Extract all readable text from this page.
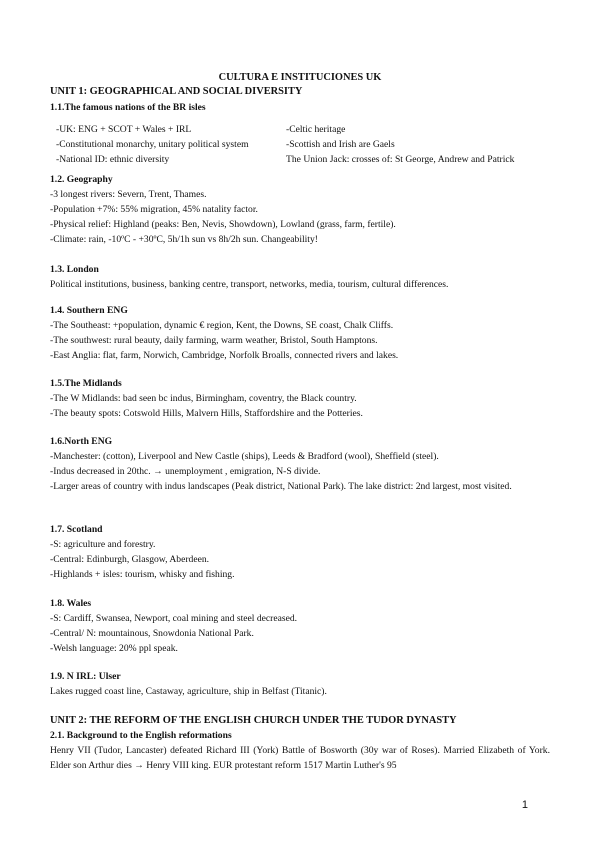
CULTURA E INSTITUCIONES UK
UNIT 1: GEOGRAPHICAL AND SOCIAL DIVERSITY
1.1.The famous nations of the BR isles
-UK: ENG + SCOT + Wales + IRL	-Celtic heritage
-Constitutional monarchy, unitary political system	-Scottish and Irish are Gaels
-National ID: ethnic diversity	The Union Jack: crosses of: St George, Andrew and Patrick
1.2. Geography
-3 longest rivers: Severn, Trent, Thames.
-Population +7%: 55% migration, 45% natality factor.
-Physical relief: Highland (peaks: Ben, Nevis, Showdown), Lowland (grass, farm, fertile).
-Climate: rain, -10ºC - +30ºC, 5h/1h sun vs 8h/2h sun. Changeability!
1.3. London
Political institutions, business, banking centre, transport, networks, media, tourism, cultural differences.
1.4. Southern ENG
-The Southeast: +population, dynamic € region, Kent, the Downs, SE coast, Chalk Cliffs.
-The southwest: rural beauty, daily farming, warm weather, Bristol, South Hamptons.
-East Anglia: flat, farm, Norwich, Cambridge, Norfolk Broalls, connected rivers and lakes.
1.5.The Midlands
-The W Midlands: bad seen bc indus, Birmingham, coventry, the Black country.
-The beauty spots: Cotswold Hills, Malvern Hills, Staffordshire and the Potteries.
1.6.North ENG
-Manchester: (cotton), Liverpool and New Castle (ships), Leeds & Bradford (wool), Sheffield (steel).
-Indus decreased in 20thc. → unemployment , emigration, N-S divide.
-Larger areas of country with indus landscapes (Peak district, National Park). The lake district: 2nd largest, most visited.
1.7. Scotland
-S: agriculture and forestry.
-Central: Edinburgh, Glasgow, Aberdeen.
-Highlands + isles: tourism, whisky and fishing.
1.8. Wales
-S: Cardiff, Swansea, Newport, coal mining and steel decreased.
-Central/ N: mountainous, Snowdonia National Park.
-Welsh language: 20% ppl speak.
1.9. N IRL: Ulser
Lakes rugged coast line, Castaway, agriculture, ship in Belfast (Titanic).
UNIT 2: THE REFORM OF THE ENGLISH CHURCH UNDER THE TUDOR DYNASTY
2.1. Background to the English reformations
Henry VII (Tudor, Lancaster) defeated Richard III (York) Battle of Bosworth (30y war of Roses). Married Elizabeth of York. Elder son Arthur dies → Henry VIII king. EUR protestant reform 1517 Martin Luther's 95
1
